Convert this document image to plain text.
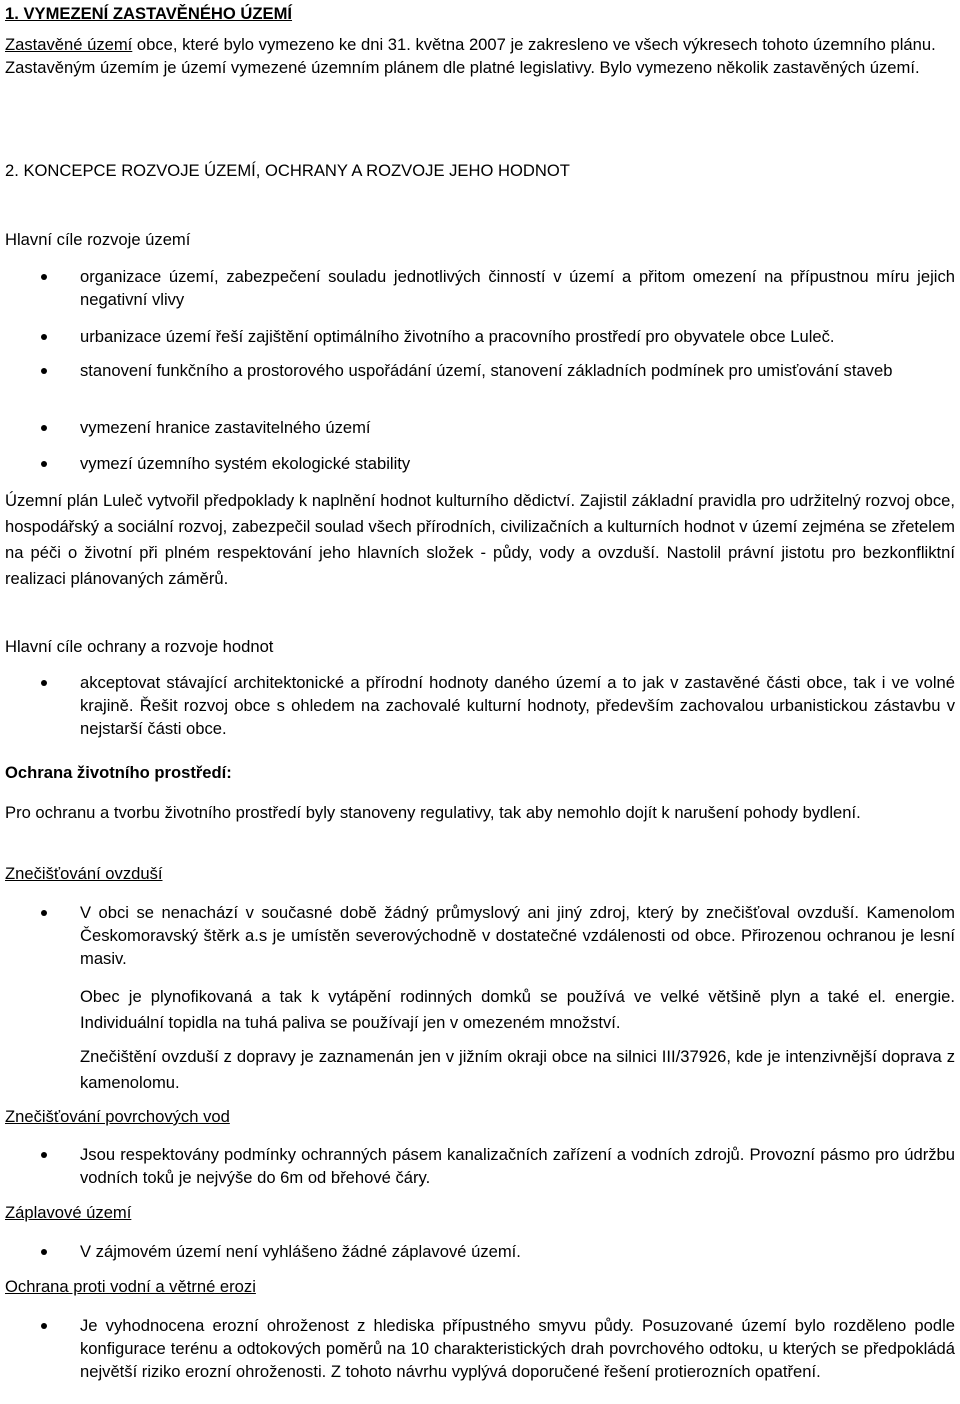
1. VYMEZENÍ ZASTAVĚNÉHO ÚZEMÍ
Zastavěné území obce, které bylo vymezeno ke dni 31. května 2007 je zakresleno ve všech výkresech tohoto územního plánu. Zastavěným územím je území vymezené územním plánem dle platné legislativy. Bylo vymezeno několik zastavěných území.
2. KONCEPCE ROZVOJE ÚZEMÍ, OCHRANY A ROZVOJE JEHO HODNOT
Hlavní cíle rozvoje území
organizace území, zabezpečení souladu jednotlivých činností v území a přitom omezení na přípustnou míru jejich negativní vlivy
urbanizace území řeší zajištění optimálního životního a pracovního prostředí pro obyvatele obce Luleč.
stanovení funkčního a prostorového uspořádání území, stanovení základních podmínek pro umisťování staveb
vymezení hranice zastavitelného území
vymezí územního systém ekologické stability
Územní plán Luleč vytvořil předpoklady k naplnění hodnot kulturního dědictví. Zajistil základní pravidla pro udržitelný rozvoj obce, hospodářský a sociální rozvoj, zabezpečil soulad všech přírodních, civilizačních a kulturních hodnot v území zejména se zřetelem na péči o životní při plném respektování jeho hlavních složek - půdy, vody a ovzduší. Nastolil právní jistotu pro bezkonfliktní realizaci plánovaných záměrů.
Hlavní cíle ochrany a rozvoje hodnot
akceptovat stávající architektonické a přírodní hodnoty daného území a to jak v zastavěné části obce, tak i ve volné krajině. Řešit rozvoj obce s ohledem na zachovalé kulturní hodnoty, především zachovalou urbanistickou zástavbu v nejstarší části obce.
Ochrana životního prostředí:
Pro ochranu a tvorbu životního prostředí byly stanoveny regulativy, tak aby nemohlo dojít k narušení pohody bydlení.
Znečišťování ovzduší
V obci se nenachází v současné době žádný průmyslový ani jiný zdroj, který by znečišťoval ovzduší. Kamenolom Českomoravský štěrk a.s je umístěn severovýchodně v dostatečné vzdálenosti od obce. Přirozenou ochranou je lesní masiv.
Obec je plynofikovaná a tak k vytápění rodinných domků se používá ve velké většině plyn a také el. energie. Individuální topidla na tuhá paliva se používají jen v omezeném množství.
Znečištění ovzduší z dopravy je zaznamenán jen v jižním okraji obce na silnici III/37926, kde je intenzivnější doprava z kamenolomu.
Znečišťování povrchových vod
Jsou respektovány podmínky ochranných pásem kanalizačních zařízení a vodních zdrojů. Provozní pásmo pro údržbu vodních toků je nejvýše do 6m od břehové čáry.
Záplavové území
V zájmovém území není vyhlášeno žádné záplavové území.
Ochrana proti vodní a větrné erozi
Je vyhodnocena erozní ohroženost z hlediska přípustného smyvu půdy. Posuzované území bylo rozděleno podle konfigurace terénu a odtokových poměrů na 10 charakteristických drah povrchového odtoku, u kterých se předpokládá největší riziko erozní ohroženosti. Z tohoto návrhu vyplývá doporučené řešení protierozních opatření.
